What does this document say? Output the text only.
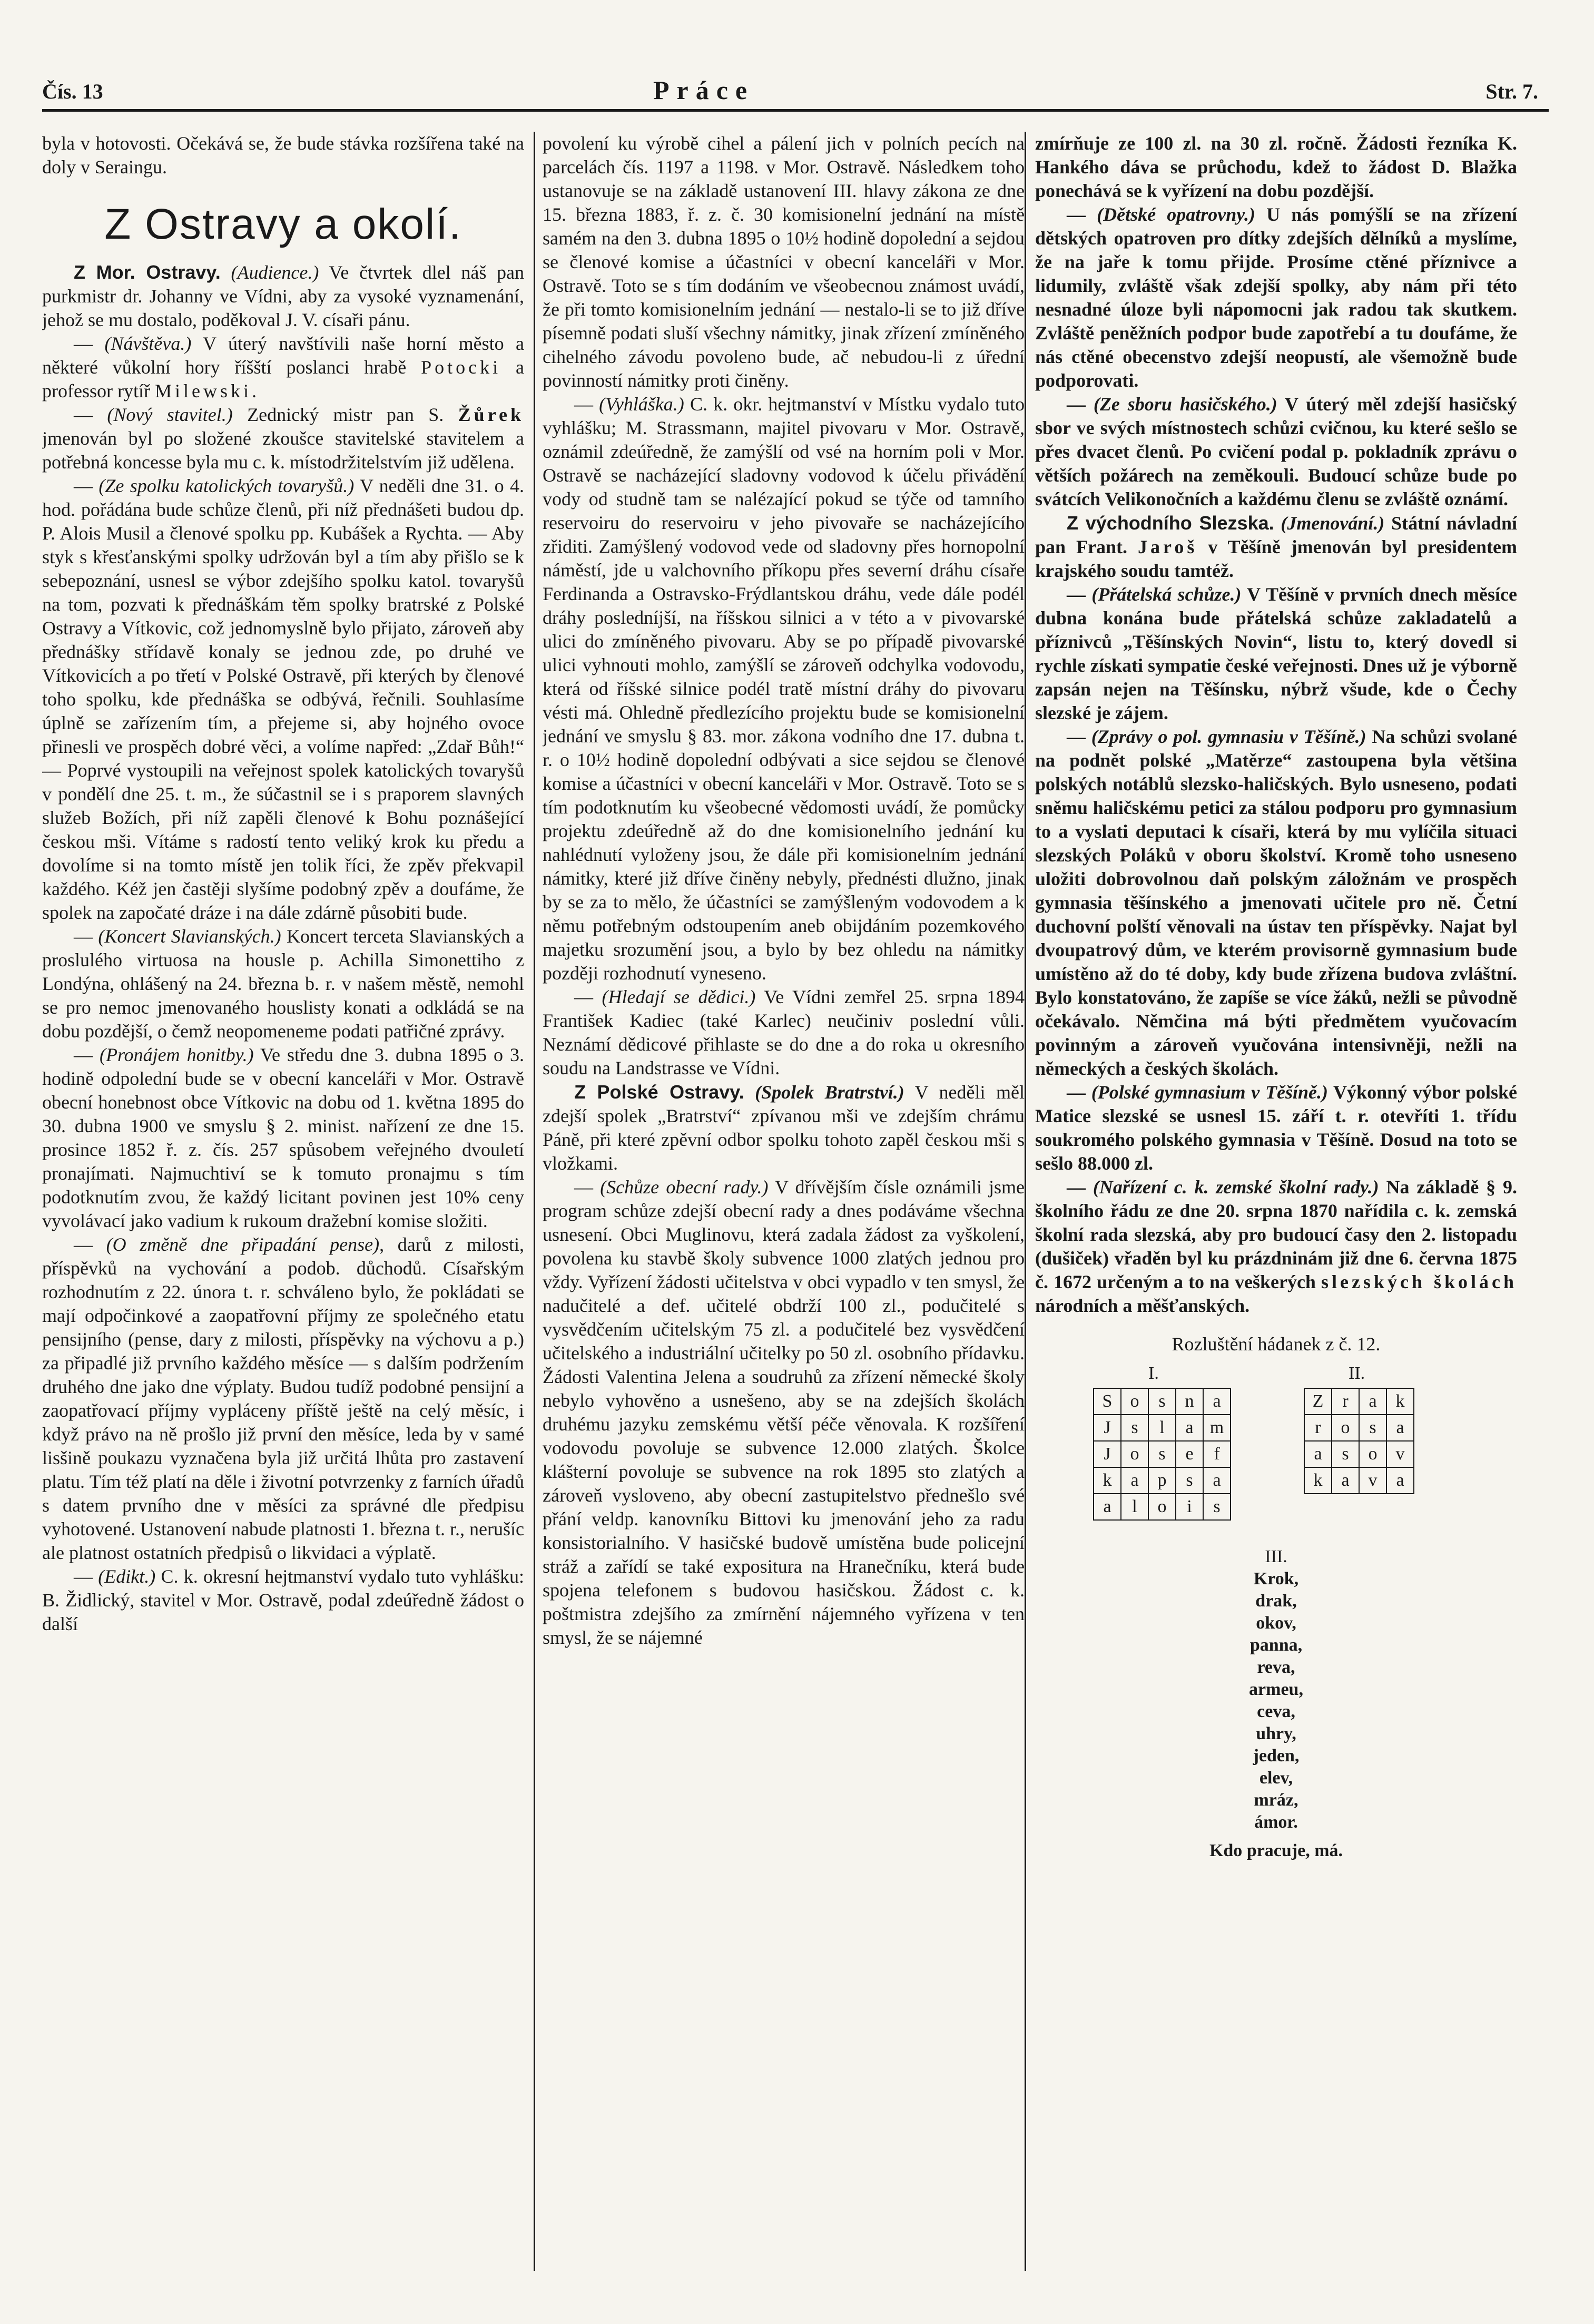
Čís. 13	Práce	Str. 7.

byla v hotovosti. Očekává se, že bude stávka rozšířena také na doly v Seraingu.

Z Ostravy a okolí.

Z Mor. Ostravy. (Audience.) Ve čtvrtek dlel náš pan purkmistr dr. Johanny ve Vídni, aby za vysoké vyznamenání, jehož se mu dostalo, poděkoval J. V. císaři pánu.

— (Návštěva.) V úterý navštívili naše horní město a některé vůkolní hory říšští poslanci hrabě Potocki a professor rytíř Milewski.

— (Nový stavitel.) Zednický mistr pan S. Žůrek jmenován byl po složené zkoušce stavitelské stavitelem a potřebná koncesse byla mu c. k. místodržitelstvím již udělena.

— (Ze spolku katolických tovaryšů.) V neděli dne 31. o 4. hod. pořádána bude schůze členů, při níž přednášeti budou dp. P. Alois Musil a členové spolku pp. Kubášek a Rychta. — Aby styk s křesťanskými spolky udržován byl a tím aby přišlo se k sebepoznání, usnesl se výbor zdejšího spolku katol. tovaryšů na tom, pozvati k přednáškám těm spolky bratrské z Polské Ostravy a Vítkovic, což jednomyslně bylo přijato, zároveň aby přednášky střídavě konaly se jednou zde, po druhé ve Vítkovicích a po třetí v Polské Ostravě, při kterých by členové toho spolku, kde přednáška se odbývá, řečnili. Souhlasíme úplně se zařízením tím, a přejeme si, aby hojného ovoce přinesli ve prospěch dobré věci, a volíme napřed: „Zdař Bůh!“ — Poprvé vystoupili na veřejnost spolek katolických tovaryšů v pondělí dne 25. t. m., že súčastnil se i s praporem slavných služeb Božích, při níž zapěli členové k Bohu poznášející českou mši. Vítáme s radostí tento veliký krok ku předu a dovolíme si na tomto místě jen tolik říci, že zpěv překvapil každého. Kéž jen častěji slyšíme podobný zpěv a doufáme, že spolek na započaté dráze i na dále zdárně působiti bude.

— (Koncert Slavianských.) Koncert terceta Slavianských a proslulého virtuosa na housle p. Achilla Simonettiho z Londýna, ohlášený na 24. března b. r. v našem městě, nemohl se pro nemoc jmenovaného houslisty konati a odkládá se na dobu pozdější, o čemž neopomeneme podati patřičné zprávy.

— (Pronájem honitby.) Ve středu dne 3. dubna 1895 o 3. hodině odpolední bude se v obecní kanceláři v Mor. Ostravě obecní honebnost obce Vítkovic na dobu od 1. května 1895 do 30. dubna 1900 ve smyslu § 2. minist. nařízení ze dne 15. prosince 1852 ř. z. čís. 257 spůsobem veřejného dvouletí pronajímati. Najmuchtiví se k tomuto pronajmu s tím podotknutím zvou, že každý licitant povinen jest 10% ceny vyvolávací jako vadium k rukoum dražební komise složiti.

— (O změně dne připadání pense), darů z milosti, příspěvků na vychování a podob. důchodů. Císařským rozhodnutím z 22. února t. r. schváleno bylo, že pokládati se mají odpočinkové a zaopatřovní příjmy ze společného etatu pensijního (pense, dary z milosti, příspěvky na výchovu a p.) za připadlé již prvního každého měsíce — s dalším podržením druhého dne jako dne výplaty. Budou tudíž podobné pensijní a zaopatřovací příjmy vypláceny příště ještě na celý měsíc, i když právo na ně prošlo již první den měsíce, leda by v samé lisšině poukazu vyznačena byla již určitá lhůta pro zastavení platu. Tím též platí na děle i životní potvrzenky z farních úřadů s datem prvního dne v měsíci za správné dle předpisu vyhotovené. Ustanovení nabude platnosti 1. března t. r., nerušíc ale platnost ostatních předpisů o likvidaci a výplatě.

— (Edikt.) C. k. okresní hejtmanství vydalo tuto vyhlášku: B. Židlický, stavitel v Mor. Ostravě, podal zdeúředně žádost o další

povolení ku výrobě cihel a pálení jich v polních pecích na parcelách čís. 1197 a 1198. v Mor. Ostravě. Následkem toho ustanovuje se na základě ustanovení III. hlavy zákona ze dne 15. března 1883, ř. z. č. 30 komisionelní jednání na místě samém na den 3. dubna 1895 o 10½ hodině dopolední a sejdou se členové komise a účastníci v obecní kanceláři v Mor. Ostravě. Toto se s tím dodáním ve všeobecnou známost uvádí, že při tomto komisionelním jednání — nestalo-li se to již dříve písemně podati sluší všechny námitky, jinak zřízení zmíněného cihelného závodu povoleno bude, ač nebudou-li z úřední povinností námitky proti činěny.

— (Vyhláška.) C. k. okr. hejtmanství v Místku vydalo tuto vyhlášku; M. Strassmann, majitel pivovaru v Mor. Ostravě, oznámil zdeúředně, že zamýšlí od vsé na horním poli v Mor. Ostravě se nacházející sladovny vodovod k účelu přivádění vody od studně tam se nalézající pokud se týče od tamního reservoiru do reservoiru v jeho pivovaře se nacházejícího zřiditi. Zamýšlený vodovod vede od sladovny přes hornopolní náměstí, jde u valchovního příkopu přes severní dráhu císaře Ferdinanda a Ostravsko-Frýdlantskou dráhu, vede dále podél dráhy posledníjší, na říšskou silnici a v této a v pivovarské ulici do zmíněného pivovaru. Aby se po případě pivovarské ulici vyhnouti mohlo, zamýšlí se zároveň odchylka vodovodu, která od říšské silnice podél tratě místní dráhy do pivovaru vésti má. Ohledně předlezícího projektu bude se komisionelní jednání ve smyslu § 83. mor. zákona vodního dne 17. dubna t. r. o 10½ hodině dopolední odbývati a sice sejdou se členové komise a účastníci v obecní kanceláři v Mor. Ostravě. Toto se s tím podotknutím ku všeobecné vědomosti uvádí, že pomůcky projektu zdeúředně až do dne komisionelního jednání ku nahlédnutí vyloženy jsou, že dále při komisionelním jednání námitky, které již dříve činěny nebyly, přednésti dlužno, jinak by se za to mělo, že účastníci se zamýšleným vodovodem a k němu potřebným odstoupením aneb obijdáním pozemkového majetku srozumění jsou, a bylo by bez ohledu na námitky později rozhodnutí vyneseno.

— (Hledají se dědici.) Ve Vídni zemřel 25. srpna 1894 František Kadiec (také Karlec) neučiniv poslední vůli. Neznámí dědicové přihlaste se do dne a do roka u okresního soudu na Landstrasse ve Vídni.

Z Polské Ostravy. (Spolek Bratrství.) V neděli měl zdejší spolek „Bratrství“ zpívanou mši ve zdejším chrámu Páně, při které zpěvní odbor spolku tohoto zapěl českou mši s vložkami.

— (Schůze obecní rady.) V dřívějším čísle oznámili jsme program schůze zdejší obecní rady a dnes podáváme všechna usnesení. Obci Muglinovu, která zadala žádost za vyškolení, povolena ku stavbě školy subvence 1000 zlatých jednou pro vždy. Vyřízení žádosti učitelstva v obci vypadlo v ten smysl, že nadučitelé a def. učitelé obdrží 100 zl., podučitelé s vysvědčením učitelským 75 zl. a podučitelé bez vysvědčení učitelského a industriální učitelky po 50 zl. osobního přídavku. Žádosti Valentina Jelena a soudruhů za zřízení německé školy nebylo vyhověno a usnešeno, aby se na zdejších školách druhému jazyku zemskému větší péče věnovala. K rozšíření vodovodu povoluje se subvence 12.000 zlatých. Školce klášterní povoluje se subvence na rok 1895 sto zlatých a zároveň vysloveno, aby obecní zastupitelstvo přednešlo své přání veldp. kanovníku Bittovi ku jmenování jeho za radu konsistorialního. V hasičské budově umístěna bude policejní stráž a zařídí se také expositura na Hranečníku, která bude spojena telefonem s budovou hasičskou. Žádost c. k. poštmistra zdejšího za zmírnění nájemného vyřízena v ten smysl, že se nájemné

zmírňuje ze 100 zl. na 30 zl. ročně. Žádosti řezníka K. Hankého dáva se průchodu, kdež to žádost D. Blažka ponechává se k vyřízení na dobu pozdější.

— (Dětské opatrovny.) U nás pomýšlí se na zřízení dětských opatroven pro dítky zdejších dělníků a myslíme, že na jaře k tomu přijde. Prosíme ctěné příznivce a lidumily, zvláště však zdejší spolky, aby nám při této nesnadné úloze byli nápomocni jak radou tak skutkem. Zvláště peněžních podpor bude zapotřebí a tu doufáme, že nás ctěné obecenstvo zdejší neopustí, ale všemožně bude podporovati.

— (Ze sboru hasičského.) V úterý měl zdejší hasičský sbor ve svých místnostech schůzi cvičnou, ku které sešlo se přes dvacet členů. Po cvičení podal p. pokladník zprávu o větších požárech na zeměkouli. Budoucí schůze bude po svátcích Velikonočních a každému členu se zvláště oznámí.

Z východního Slezska. (Jmenování.) Státní návladní pan Frant. Jaroš v Těšíně jmenován byl presidentem krajského soudu tamtéž.

— (Přátelská schůze.) V Těšíně v prvních dnech měsíce dubna konána bude přátelská schůze zakladatelů a příznivců „Těšínských Novin“, listu to, který dovedl si rychle získati sympatie české veřejnosti. Dnes už je výborně zapsán nejen na Těšínsku, nýbrž všude, kde o Čechy slezské je zájem.

— (Zprávy o pol. gymnasiu v Těšíně.) Na schůzi svolané na podnět polské „Matěrze“ zastoupena byla většina polských notáblů slezsko-haličských. Bylo usneseno, podati sněmu haličskému petici za stálou podporu pro gymnasium to a vyslati deputaci k císaři, která by mu vylíčila situaci slezských Poláků v oboru školství. Kromě toho usneseno uložiti dobrovolnou daň polským záložnám ve prospěch gymnasia těšínského a jmenovati učitele pro ně. Četní duchovní polští věnovali na ústav ten příspěvky. Najat byl dvoupatrový dům, ve kterém provisorně gymnasium bude umístěno až do té doby, kdy bude zřízena budova zvláštní. Bylo konstatováno, že zapíše se více žáků, nežli se původně očekávalo. Němčina má býti předmětem vyučovacím povinným a zároveň vyučována intensivněji, nežli na německých a českých školách.

— (Polské gymnasium v Těšíně.) Výkonný výbor polské Matice slezské se usnesl 15. září t. r. otevříti 1. třídu soukromého polského gymnasia v Těšíně. Dosud na toto se sešlo 88.000 zl.

— (Nařízení c. k. zemské školní rady.) Na základě § 9. školního řádu ze dne 20. srpna 1870 nařídila c. k. zemská školní rada slezská, aby pro budoucí časy den 2. listopadu (dušiček) vřaděn byl ku prázdninám již dne 6. června 1875 č. 1672 určeným a to na veškerých slezských školách národních a měšťanských.

Rozluštění hádanek z č. 12.
I.	II.
S	o	s	n	a
J	s	l	a	m
J	o	s	e	f
k	a	p	s	a
a	l	o	i	s
Z	r	a	k
r	o	s	a
a	s	o	v
k	a	v	a
III.
Krok,
drak,
okov,
panna,
reva,
armeu,
ceva,
uhry,
jeden,
elev,
mráz,
ámor.
Kdo pracuje, má.
